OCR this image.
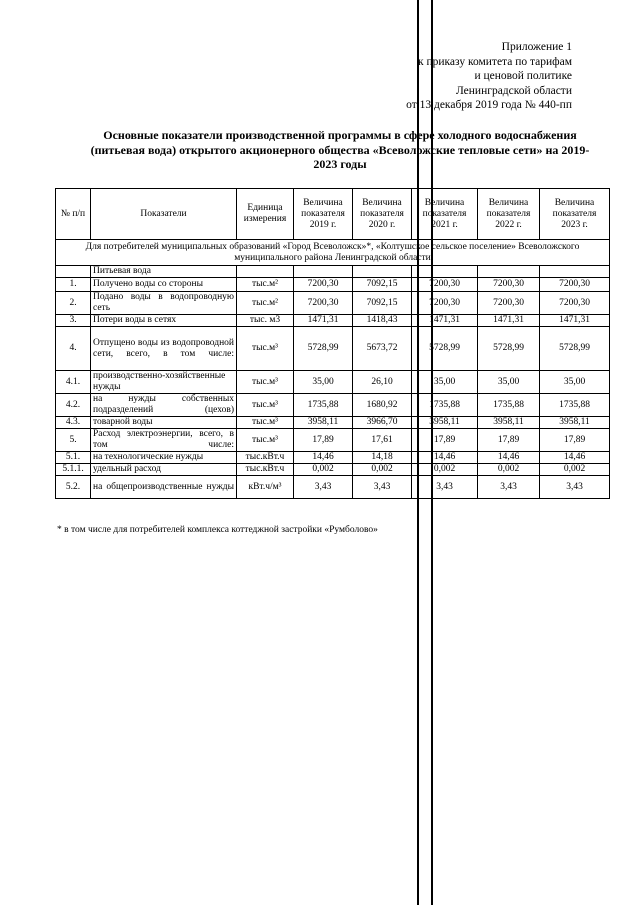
Приложение 1
к приказу комитета по тарифам
и ценовой политике
Ленинградской области
от 13 декабря 2019 года № 440-пп
Основные показатели производственной программы в сфере холодного водоснабжения (питьевая вода) открытого акционерного общества «Всеволожские тепловые сети» на 2019-2023 годы
№ п/п	Показатели	Единица измерения	Величина показателя 2019 г.	Величина показателя 2020 г.	Величина показателя 2021 г.	Величина показателя 2022 г.	Величина показателя 2023 г.
Для потребителей муниципальных образований «Город Всеволожск»*, «Колтушское сельское поселение» Всеволожского муниципального района Ленинградской области							
	Питьевая вода						
1.	Получено воды со стороны	тыс.м²	7200,30	7092,15	7200,30	7200,30	7200,30
2.	Подано воды в водопроводную сеть	тыс.м²	7200,30	7092,15	7200,30	7200,30	7200,30
3.	Потери воды в сетях	тыс. м3	1471,31	1418,43	1471,31	1471,31	1471,31
4.	Отпущено воды из водопроводной сети, всего, в том числе:	тыс.м³	5728,99	5673,72	5728,99	5728,99	5728,99
4.1.	производственно-хозяйственные нужды	тыс.м³	35,00	26,10	35,00	35,00	35,00
4.2.	на нужды собственных подразделений (цехов)	тыс.м³	1735,88	1680,92	1735,88	1735,88	1735,88
4.3.	товарной воды	тыс.м³	3958,11	3966,70	3958,11	3958,11	3958,11
5.	Расход электроэнергии, всего, в том числе:	тыс.м³	17,89	17,61	17,89	17,89	17,89
5.1.	на технологические нужды	тыс.кВт.ч	14,46	14,18	14,46	14,46	14,46
5.1.1.	удельный расход	тыс.кВт.ч	0,002	0,002	0,002	0,002	0,002
5.2.	на общепроизводственные нужды	кВт.ч/м³	3,43	3,43	3,43	3,43	3,43
* в том числе для потребителей комплекса коттеджной застройки «Румболово»
